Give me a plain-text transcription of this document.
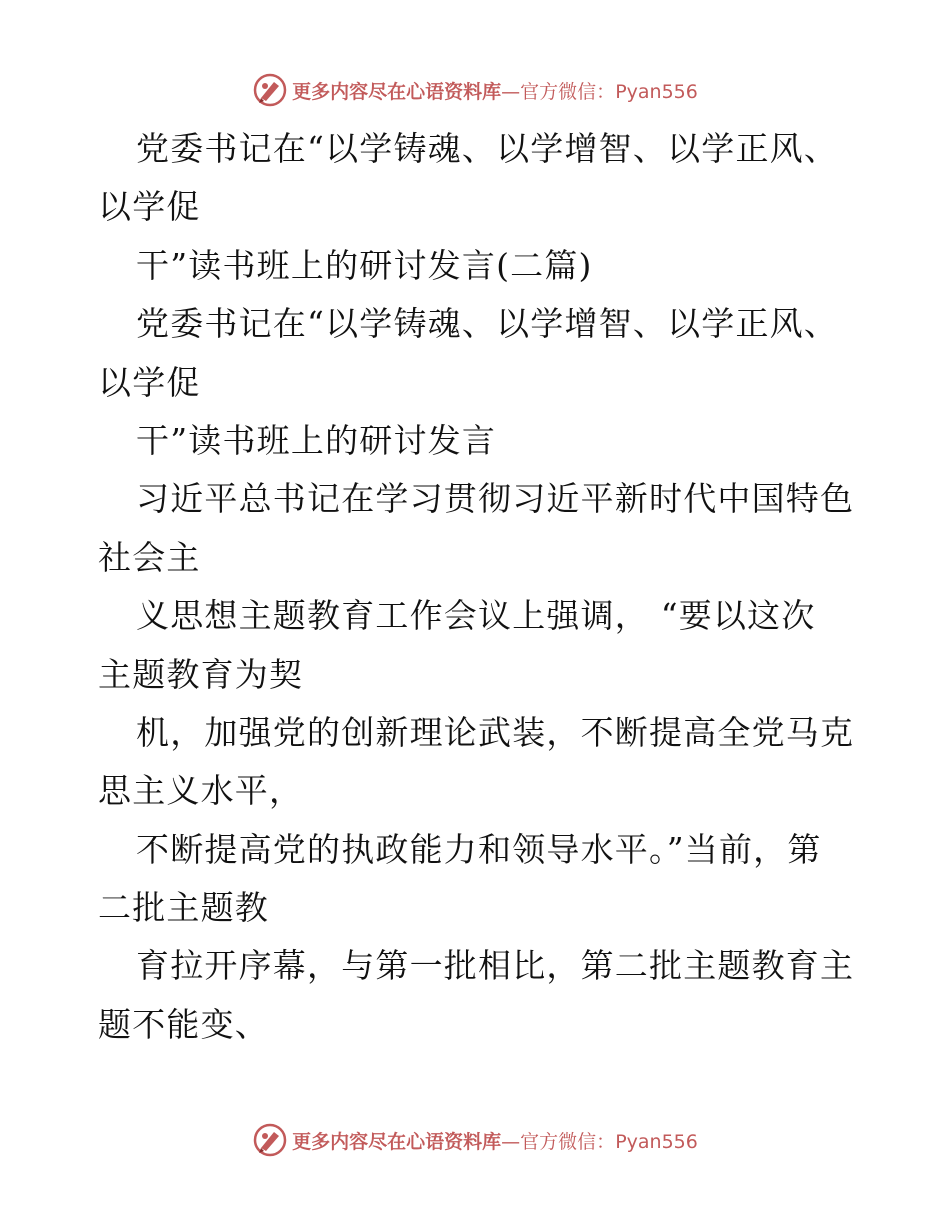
更多内容尽在心语资料库—官方微信：Pyan556
党委书记在“以学铸魂、以学增智、以学正风、
以学促
干”读书班上的研讨发言(二篇)
党委书记在“以学铸魂、以学增智、以学正风、
以学促
干”读书班上的研讨发言
习近平总书记在学习贯彻习近平新时代中国特色
社会主
义思想主题教育工作会议上强调， “要以这次
主题教育为契
机，加强党的创新理论武装，不断提高全党马克
思主义水平，
不断提高党的执政能力和领导水平。”当前，第
二批主题教
育拉开序幕，与第一批相比，第二批主题教育主
题不能变、
更多内容尽在心语资料库—官方微信：Pyan556
